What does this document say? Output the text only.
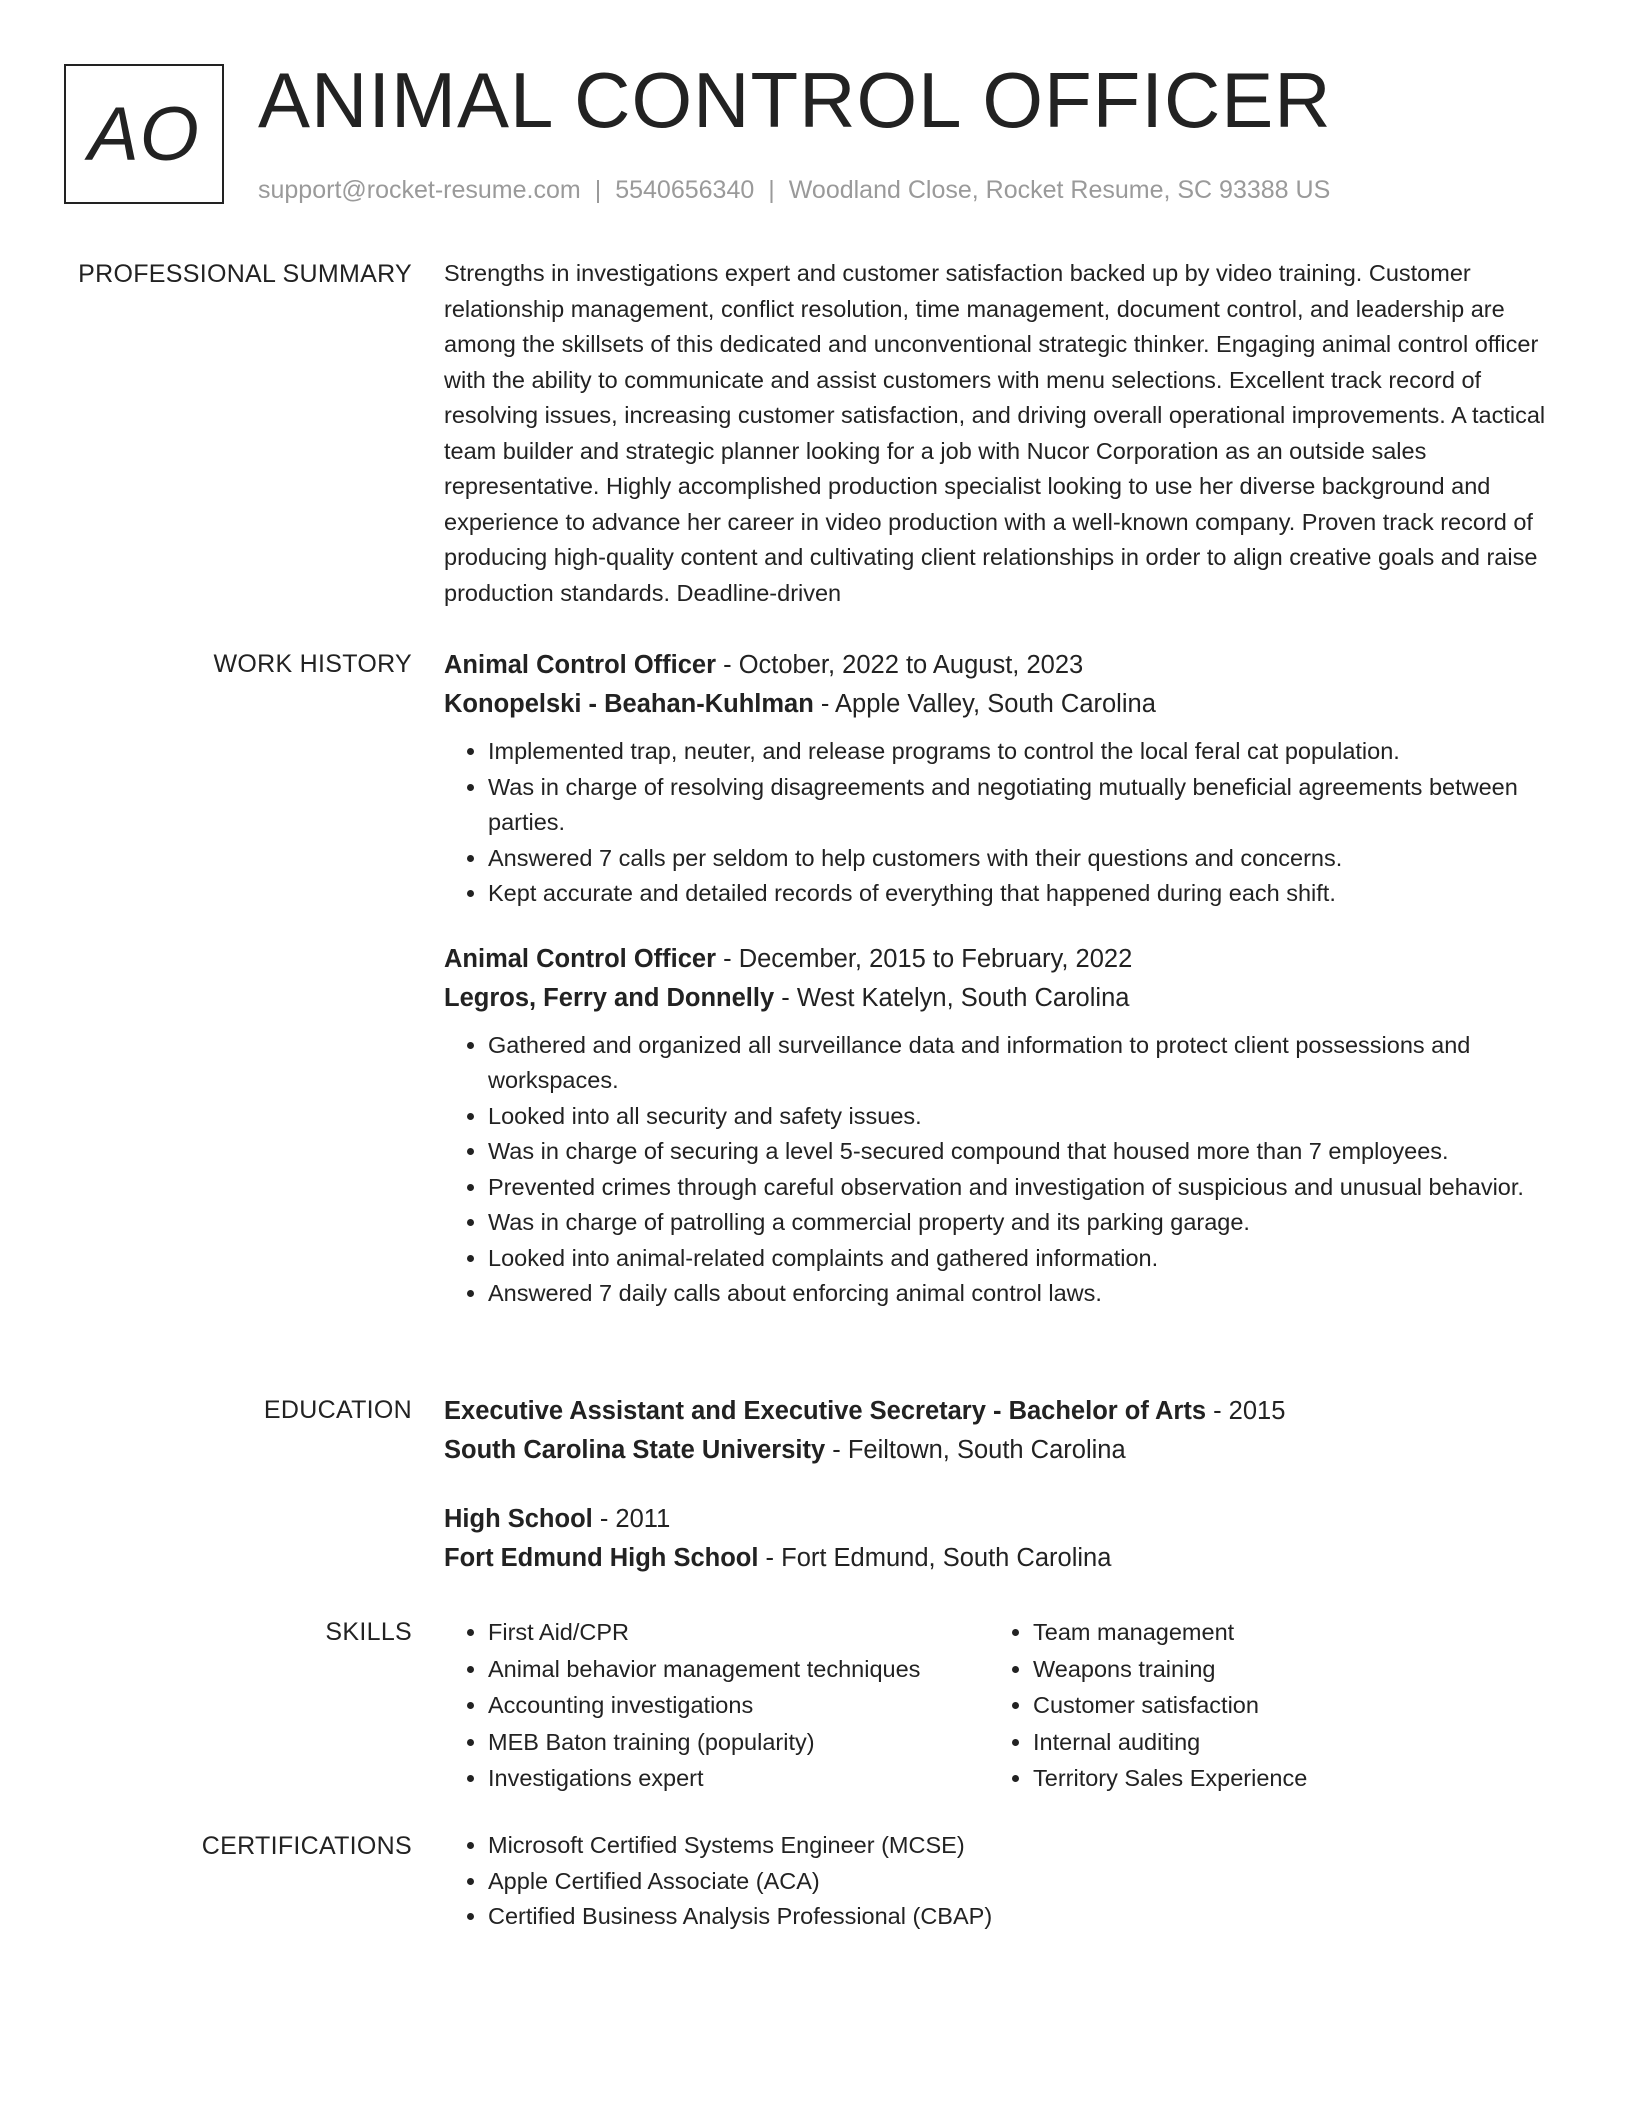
AO ANIMAL CONTROL OFFICER
support@rocket-resume.com | 5540656340 | Woodland Close, Rocket Resume, SC 93388 US
PROFESSIONAL SUMMARY Strengths in investigations expert and customer satisfaction backed up by video training. Customer relationship management, conflict resolution, time management, document control, and leadership are among the skillsets of this dedicated and unconventional strategic thinker. Engaging animal control officer with the ability to communicate and assist customers with menu selections. Excellent track record of resolving issues, increasing customer satisfaction, and driving overall operational improvements. A tactical team builder and strategic planner looking for a job with Nucor Corporation as an outside sales representative. Highly accomplished production specialist looking to use her diverse background and experience to advance her career in video production with a well-known company. Proven track record of producing high-quality content and cultivating client relationships in order to align creative goals and raise production standards. Deadline-driven

WORK HISTORY Animal Control Officer - October, 2022 to August, 2023
Konopelski - Beahan-Kuhlman - Apple Valley, South Carolina
• Implemented trap, neuter, and release programs to control the local feral cat population.
• Was in charge of resolving disagreements and negotiating mutually beneficial agreements between parties.
• Answered 7 calls per seldom to help customers with their questions and concerns.
• Kept accurate and detailed records of everything that happened during each shift.
Animal Control Officer - December, 2015 to February, 2022
Legros, Ferry and Donnelly - West Katelyn, South Carolina
• Gathered and organized all surveillance data and information to protect client possessions and workspaces.
• Looked into all security and safety issues.
• Was in charge of securing a level 5-secured compound that housed more than 7 employees.
• Prevented crimes through careful observation and investigation of suspicious and unusual behavior.
• Was in charge of patrolling a commercial property and its parking garage.
• Looked into animal-related complaints and gathered information.
• Answered 7 daily calls about enforcing animal control laws.
EDUCATION Executive Assistant and Executive Secretary - Bachelor of Arts - 2015
South Carolina State University - Feiltown, South Carolina
High School - 2011
Fort Edmund High School - Fort Edmund, South Carolina
SKILLS	• First Aid/CPR
• Animal behavior management techniques
• Accounting investigations
• MEB Baton training (popularity)
• Investigations expert
• Team management
• Weapons training
• Customer satisfaction
• Internal auditing
• Territory Sales Experience
CERTIFICATIONS	• Microsoft Certified Systems Engineer (MCSE)
• Apple Certified Associate (ACA)
• Certified Business Analysis Professional (CBAP)
